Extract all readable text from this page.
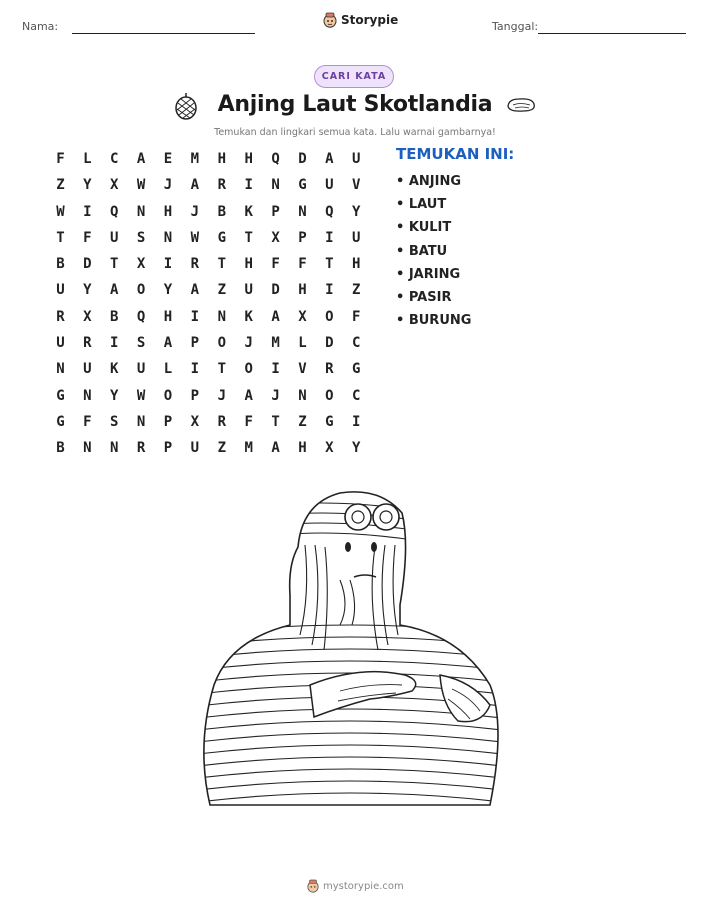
Nama:	Storypie	Tanggal:
CARI KATA
Anjing Laut Skotlandia
Temukan dan lingkari semua kata. Lalu warnai gambarnya!
F	L	C	A	E	M	H	H	Q	D	A	U
Z	Y	X	W	J	A	R	I	N	G	U	V
W	I	Q	N	H	J	B	K	P	N	Q	Y
T	F	U	S	N	W	G	T	X	P	I	U
B	D	T	X	I	R	T	H	F	F	T	H
U	Y	A	O	Y	A	Z	U	D	H	I	Z
R	X	B	Q	H	I	N	K	A	X	O	F
U	R	I	S	A	P	O	J	M	L	D	C
N	U	K	U	L	I	T	O	I	V	R	G
G	N	Y	W	O	P	J	A	J	N	O	C
G	F	S	N	P	X	R	F	T	Z	G	I
B	N	N	R	P	U	Z	M	A	H	X	Y
TEMUKAN INI:
• ANJING
• LAUT
• KULIT
• BATU
• JARING
• PASIR
• BURUNG
mystorypie.com
